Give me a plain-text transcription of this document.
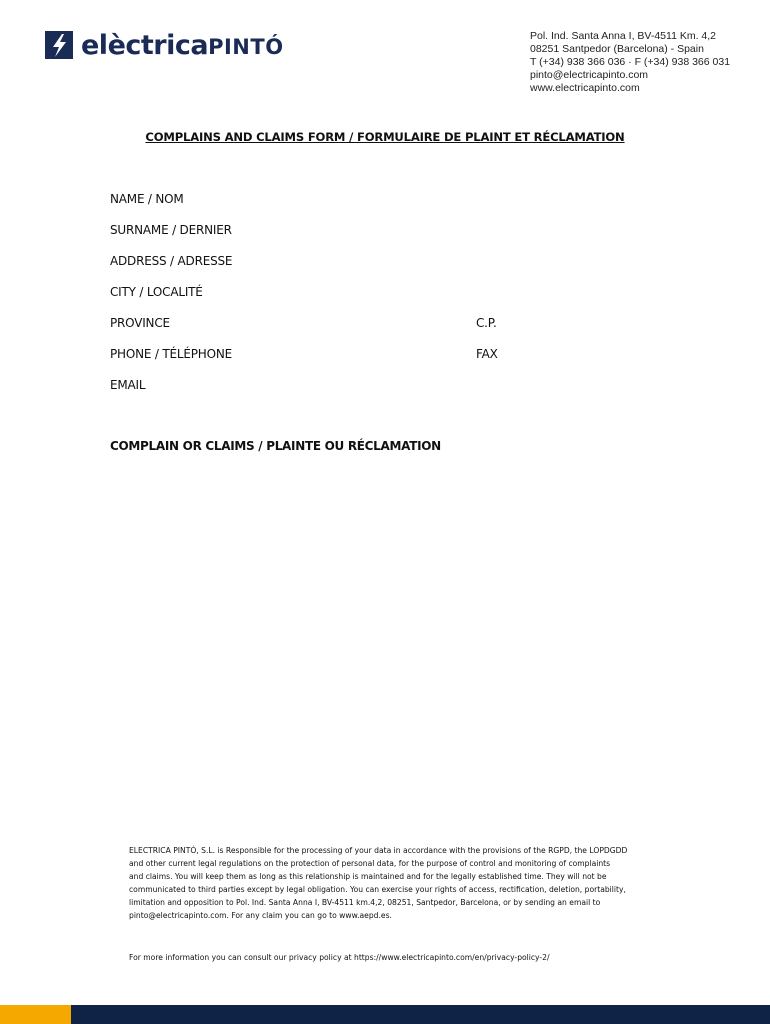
elèctricaPINTÓ	Pol. Ind. Santa Anna I, BV-4511 Km. 4,2
08251 Santpedor (Barcelona) - Spain
T (+34) 938 366 036 · F (+34) 938 366 031
pinto@electricapinto.com
www.electricapinto.com
COMPLAINS AND CLAIMS FORM / FORMULAIRE DE PLAINT ET RÉCLAMATION
NAME / NOM
SURNAME / DERNIER
ADDRESS / ADRESSE
CITY / LOCALITÉ
PROVINCE	C.P.
PHONE / TÉLÉPHONE	FAX
EMAIL
COMPLAIN OR CLAIMS / PLAINTE OU RÉCLAMATION
ELECTRICA PINTÓ, S.L. is Responsible for the processing of your data in accordance with the provisions of the RGPD, the LOPDGDD
and other current legal regulations on the protection of personal data, for the purpose of control and monitoring of complaints
and claims. You will keep them as long as this relationship is maintained and for the legally established time. They will not be
communicated to third parties except by legal obligation. You can exercise your rights of access, rectification, deletion, portability,
limitation and opposition to Pol. Ind. Santa Anna I, BV-4511 km.4,2, 08251, Santpedor, Barcelona, or by sending an email to
pinto@electricapinto.com. For any claim you can go to www.aepd.es.
For more information you can consult our privacy policy at https://www.electricapinto.com/en/privacy-policy-2/
